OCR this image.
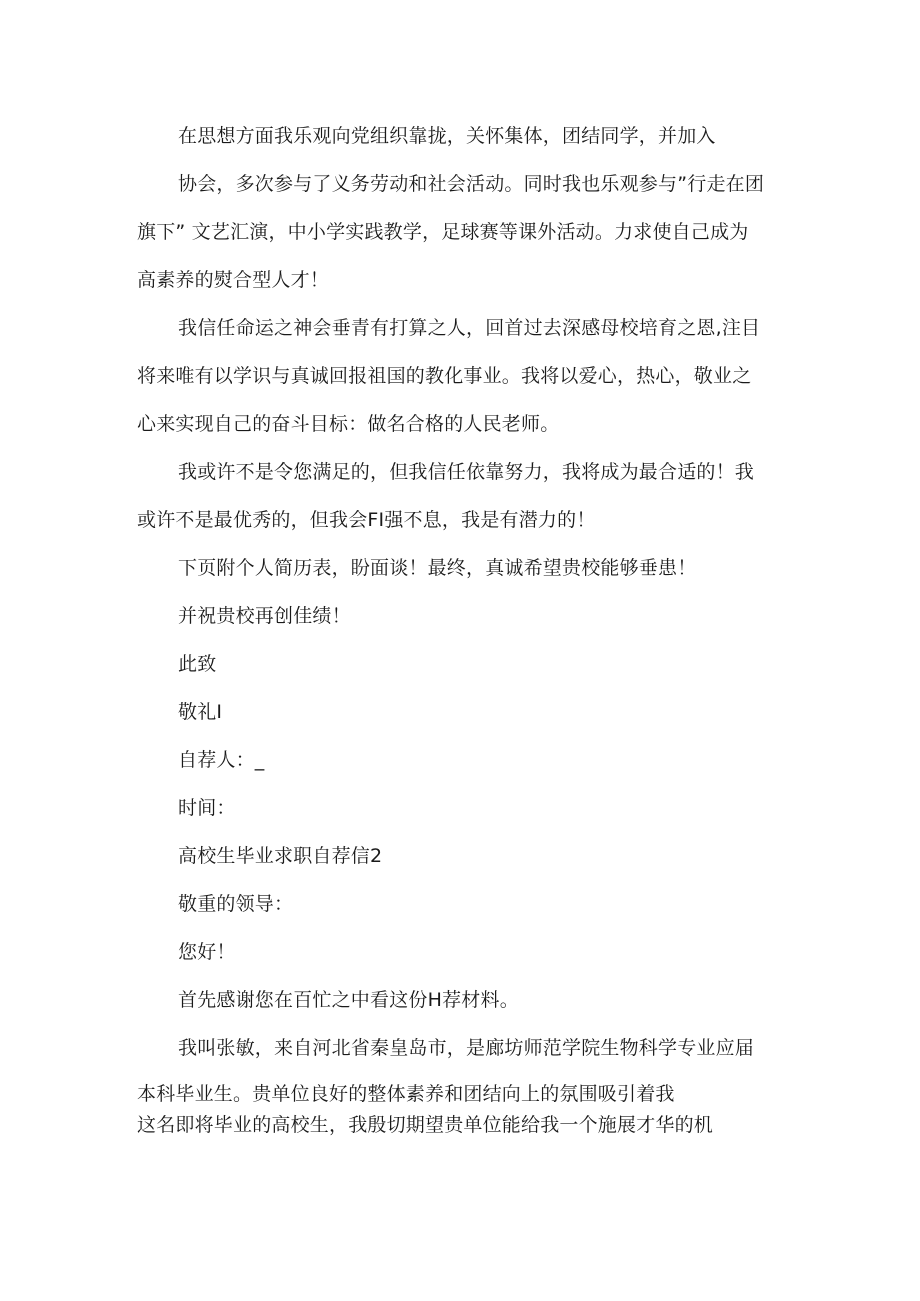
在思想方面我乐观向党组织靠拢，关怀集体，团结同学，并加入
协会，多次参与了义务劳动和社会活动。同时我也乐观参与”行走在团
旗下” 文艺汇演，中小学实践教学，足球赛等课外活动。力求使自己成为
高素养的熨合型人才！
我信任命运之神会垂青有打算之人，回首过去深感母校培育之恩,注目
将来唯有以学识与真诚回报祖国的教化事业。我将以爱心，热心，敬业之
心来实现自己的奋斗目标：做名合格的人民老师。
我或许不是令您满足的，但我信任依靠努力，我将成为最合适的！我
或许不是最优秀的，但我会FI强不息，我是有潜力的！
下页附个人简历表，盼面谈！最终，真诚希望贵校能够垂患！
并祝贵校再创佳绩！
此致
敬礼I
自荐人：_
时间：
高校生毕业求职自荐信2
敬重的领导：
您好！
首先感谢您在百忙之中看这份H荐材料。
我叫张敏，来自河北省秦皇岛市，是廊坊师范学院生物科学专业应届
本科毕业生。贵单位良好的整体素养和团结向上的氛围吸引着我
这名即将毕业的高校生，我殷切期望贵单位能给我一个施展才华的机
